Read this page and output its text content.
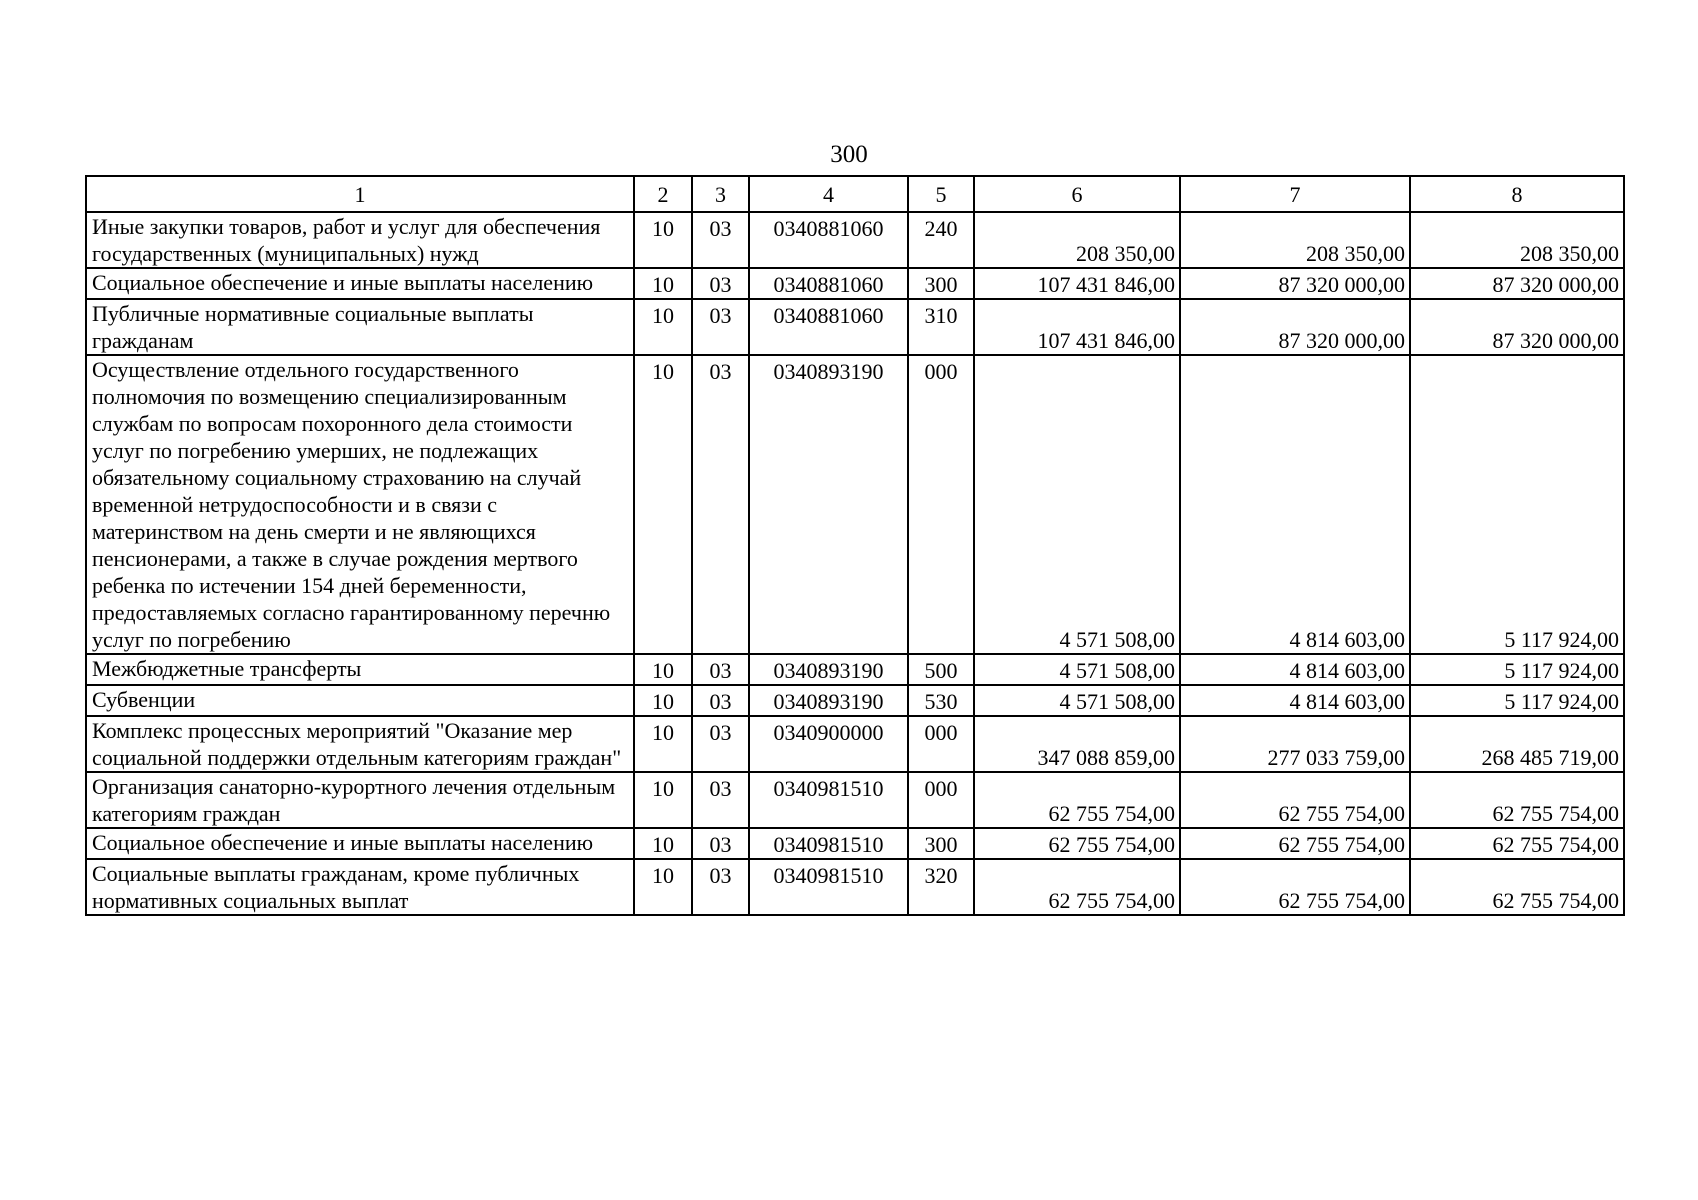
300
1	2	3	4	5	6	7	8
Иные закупки товаров, работ и услуг для обеспечения государственных (муниципальных) нужд	10	03	0340881060	240	208 350,00	208 350,00	208 350,00
Социальное обеспечение и иные выплаты населению	10	03	0340881060	300	107 431 846,00	87 320 000,00	87 320 000,00
Публичные нормативные социальные выплаты гражданам	10	03	0340881060	310	107 431 846,00	87 320 000,00	87 320 000,00
Осуществление отдельного государственного полномочия по возмещению специализированным службам по вопросам похоронного дела стоимости услуг по погребению умерших, не подлежащих обязательному социальному страхованию на случай временной нетрудоспособности и в связи с материнством на день смерти и не являющихся пенсионерами, а также в случае рождения мертвого ребенка по истечении 154 дней беременности, предоставляемых согласно гарантированному перечню услуг по погребению	10	03	0340893190	000	4 571 508,00	4 814 603,00	5 117 924,00
Межбюджетные трансферты	10	03	0340893190	500	4 571 508,00	4 814 603,00	5 117 924,00
Субвенции	10	03	0340893190	530	4 571 508,00	4 814 603,00	5 117 924,00
Комплекс процессных мероприятий "Оказание мер социальной поддержки отдельным категориям граждан"	10	03	0340900000	000	347 088 859,00	277 033 759,00	268 485 719,00
Организация санаторно-курортного лечения отдельным категориям граждан	10	03	0340981510	000	62 755 754,00	62 755 754,00	62 755 754,00
Социальное обеспечение и иные выплаты населению	10	03	0340981510	300	62 755 754,00	62 755 754,00	62 755 754,00
Социальные выплаты гражданам, кроме публичных нормативных социальных выплат	10	03	0340981510	320	62 755 754,00	62 755 754,00	62 755 754,00
